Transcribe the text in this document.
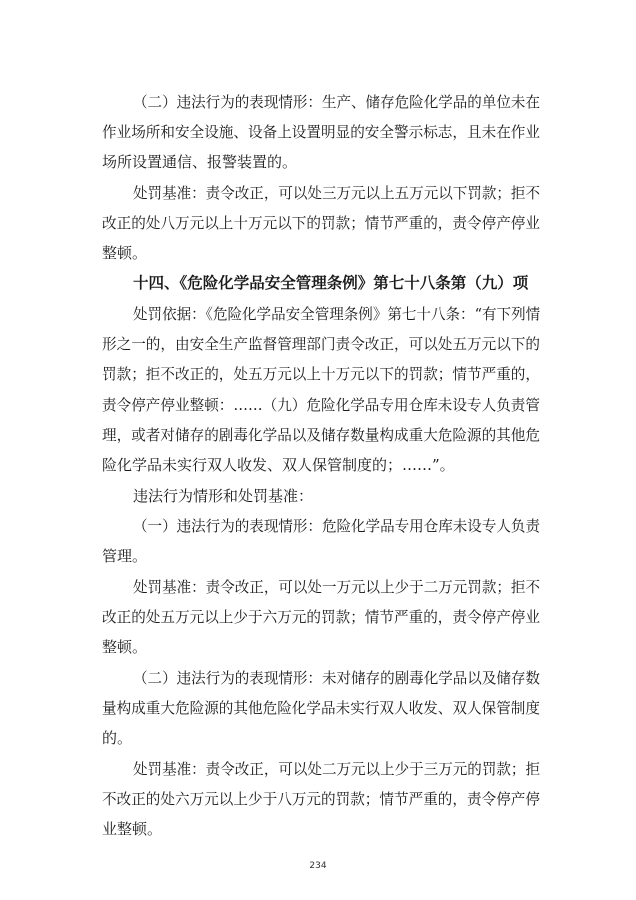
（二）违法行为的表现情形：生产、储存危险化学品的单位未在
作业场所和安全设施、设备上设置明显的安全警示标志，且未在作业
场所设置通信、报警装置的。
处罚基准：责令改正，可以处三万元以上五万元以下罚款；拒不
改正的处八万元以上十万元以下的罚款；情节严重的，责令停产停业
整顿。
十四、《危险化学品安全管理条例》第七十八条第（九）项
处罚依据：《危险化学品安全管理条例》第七十八条：“有下列情
形之一的，由安全生产监督管理部门责令改正，可以处五万元以下的
罚款；拒不改正的，处五万元以上十万元以下的罚款；情节严重的，
责令停产停业整顿：……（九）危险化学品专用仓库未设专人负责管
理，或者对储存的剧毒化学品以及储存数量构成重大危险源的其他危
险化学品未实行双人收发、双人保管制度的；……”。
违法行为情形和处罚基准：
（一）违法行为的表现情形：危险化学品专用仓库未设专人负责
管理。
处罚基准：责令改正，可以处一万元以上少于二万元罚款；拒不
改正的处五万元以上少于六万元的罚款；情节严重的，责令停产停业
整顿。
（二）违法行为的表现情形：未对储存的剧毒化学品以及储存数
量构成重大危险源的其他危险化学品未实行双人收发、双人保管制度
的。
处罚基准：责令改正，可以处二万元以上少于三万元的罚款；拒
不改正的处六万元以上少于八万元的罚款；情节严重的，责令停产停
业整顿。
234
